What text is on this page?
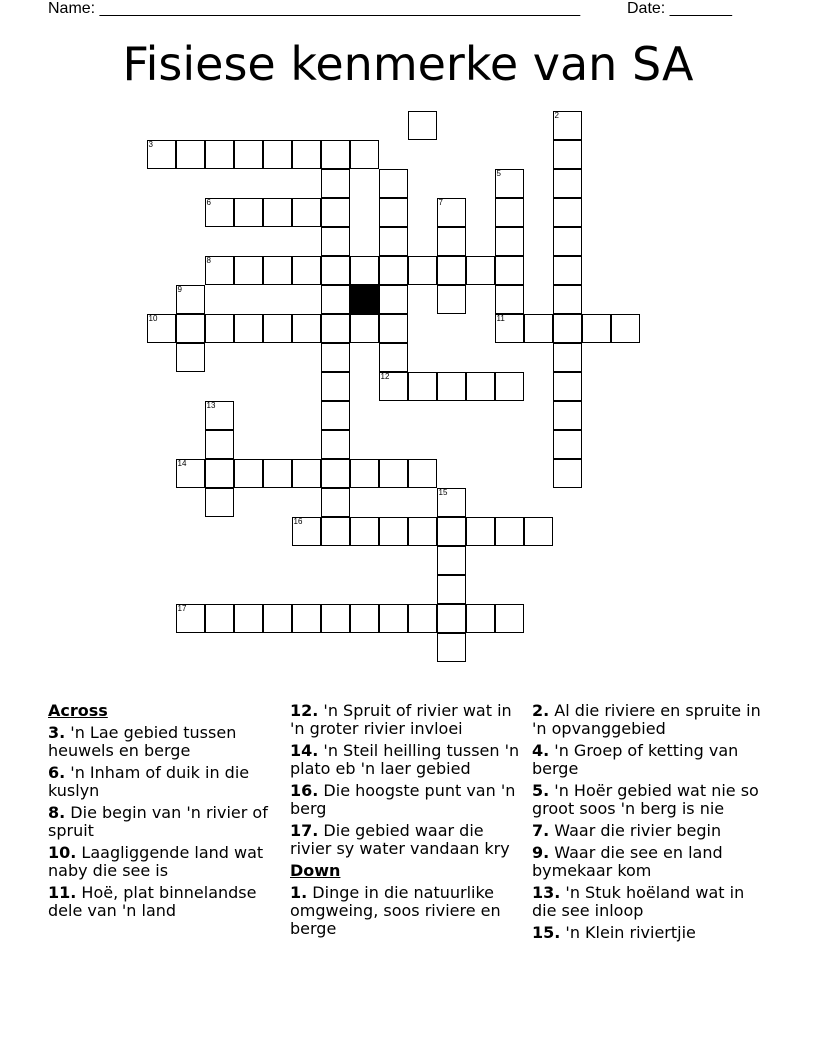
Name: ______________________________________________________	Date: _______
Fisiese kenmerke van SA
2
3
5
6	7
8
9
10	11
12
13
14
15
16
17
Across
3. 'n Lae gebied tussen heuwels en berge
6. 'n Inham of duik in die kuslyn
8. Die begin van 'n rivier of spruit
10. Laagliggende land wat naby die see is
11. Hoë, plat binnelandse dele van 'n land
12. 'n Spruit of rivier wat in 'n groter rivier invloei
14. 'n Steil heilling tussen 'n plato eb 'n laer gebied
16. Die hoogste punt van 'n berg
17. Die gebied waar die rivier sy water vandaan kry
Down
1. Dinge in die natuurlike omgweing, soos riviere en berge
2. Al die riviere en spruite in 'n opvanggebied
4. 'n Groep of ketting van berge
5. 'n Hoër gebied wat nie so groot soos 'n berg is nie
7. Waar die rivier begin
9. Waar die see en land bymekaar kom
13. 'n Stuk hoëland wat in die see inloop
15. 'n Klein riviertjie
